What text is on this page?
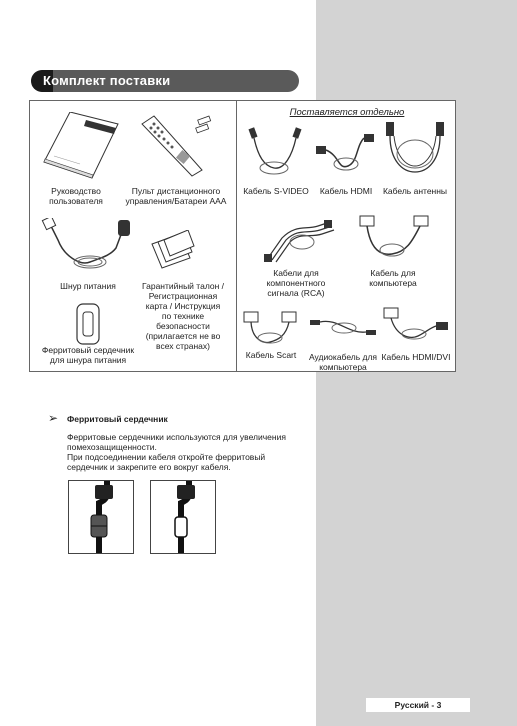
Комплект поставки
Руководство
пользователя
Пульт дистанционного
управления/Батареи AAA
Шнур питания	Гарантийный талон /
Регистрационная
карта / Инструкция
по технике
безопасности
(прилагается не во
всех странах)
Ферритовый сердечник
для шнура питания
Поставляется отдельно
Кабель S-VIDEO	Кабель HDMI	Кабель антенны
Кабели для
компонентного
сигнала (RCA)
Кабель для
компьютера
Кабель Scart	Аудиокабель для
компьютера
Кабель HDMI/DVI
➢ Ферритовый сердечник
Ферритовые сердечники используются для увеличения
помехозащищенности.
При подсоединении кабеля откройте ферритовый
сердечник и закрепите его вокруг кабеля.
Русский - 3
